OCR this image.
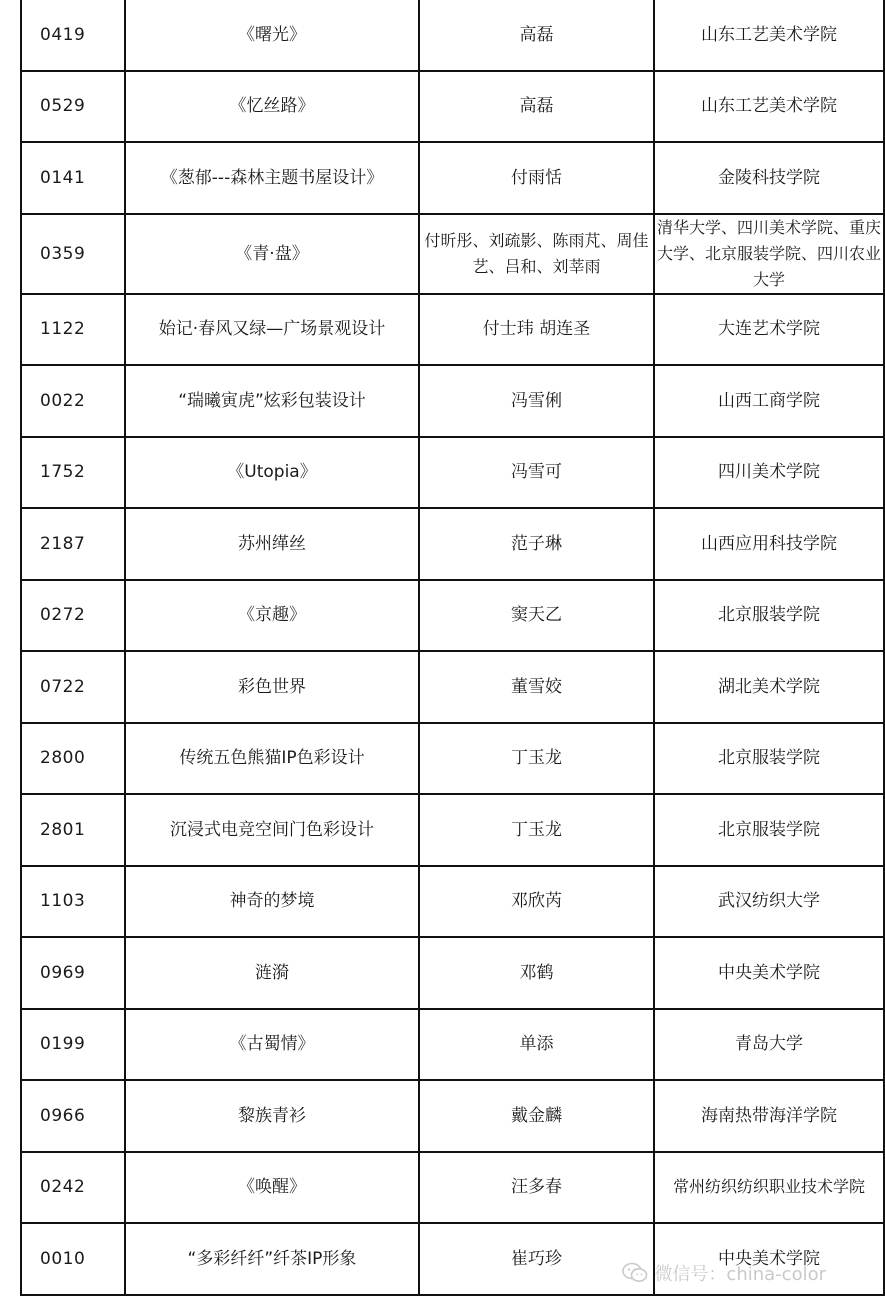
0419	《曙光》	高磊	山东工艺美术学院
0529	《忆丝路》	高磊	山东工艺美术学院
0141	《葱郁---森林主题书屋设计》	付雨恬	金陵科技学院
0359	《青·盘》	付昕彤、刘疏影、陈雨芃、周佳艺、吕和、刘莘雨	清华大学、四川美术学院、重庆大学、北京服装学院、四川农业大学
1122	始记·春风又绿—广场景观设计	付士玮 胡连圣	大连艺术学院
0022	“瑞曦寅虎”炫彩包装设计	冯雪俐	山西工商学院
1752	《Utopia》	冯雪可	四川美术学院
2187	苏州缂丝	范子琳	山西应用科技学院
0272	《京趣》	窦天乙	北京服装学院
0722	彩色世界	董雪姣	湖北美术学院
2800	传统五色熊猫IP色彩设计	丁玉龙	北京服装学院
2801	沉浸式电竞空间门色彩设计	丁玉龙	北京服装学院
1103	神奇的梦境	邓欣芮	武汉纺织大学
0969	涟漪	邓鹤	中央美术学院
0199	《古蜀情》	单添	青岛大学
0966	黎族青衫	戴金麟	海南热带海洋学院
0242	《唤醒》	汪多春	常州纺织纺织职业技术学院
0010	“多彩纤纤”纤茶IP形象	崔巧珍	中央美术学院
微信号：china-color
